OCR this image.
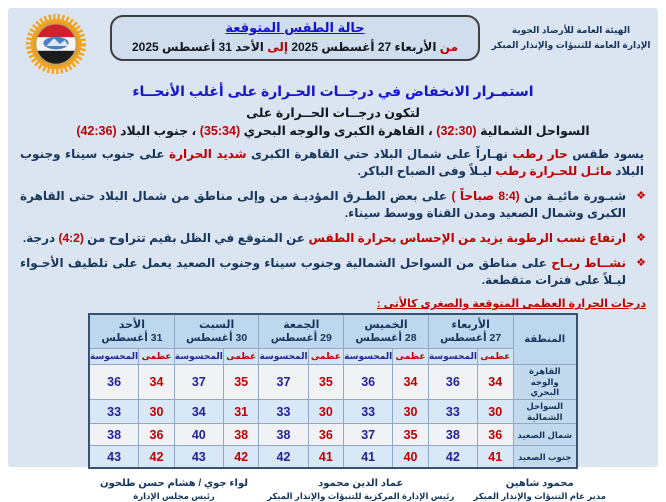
حالة الطقس المتوقعة
من الأربعاء 27 أغسطس 2025 إلى الأحد 31 أغسطس 2025
الهيئة العامة للأرصاد الجوية
الإدارة العامة للتنبؤات والإنذار المبكر
استمـرار الانخفاض في درجــات الحـرارة على أغلب الأنحــاء
لتكون درجــات الحــرارة على
السواحل الشمالية (32:30) ، القاهرة الكبرى والوجه البحري (35:34) ، جنوب البلاد (42:36)
يسود طقس حار رطب نهـاراً على شمال البلاد حتي القاهرة الكبرى شديد الحرارة على جنوب سيناء وجنوب البلاد مائـل للحـرارة رطب ليـلاً وفى الصباح الباكر.
❖
شبـورة مائيـة من (8:4 صباحاً ) على بعض الطـرق المؤديـة من وإلى مناطق من شمال البلاد حتى القاهرة الكبرى وشمال الصعيد ومدن القناة ووسط سيناء.
❖
ارتفاع نسب الرطوبة يزيد من الإحساس بحرارة الطقس عن المتوقع في الظل بقيم تتراوح من (4:2) درجة.
❖
نشــاط ريـاح على مناطق من السواحل الشمالية وجنوب سيناء وجنوب الصعيد يعمل على تلطيف الأجـواء ليـلاً على فترات متقطعة.
درجات الحرارة العظمى المتوقعة والصغرى كالأتى :
المنطقة	
الأربعاء
27 أغسطس

الخميس
28 أغسطس

الجمعة
29 أغسطس

السبت
30 أغسطس

الأحد
31 أغسطس

	عظمى	المحسوسة	عظمى	المحسوسة	عظمى	المحسوسة	عظمى	المحسوسة	عظمى	المحسوسة
القاهرة والوجه البحري	34	36	34	36	35	37	35	37	34	36
السواحل الشمالية	30	33	30	33	30	33	31	34	30	33
شمال الصعيد	36	38	35	37	36	38	38	40	36	38
جنوب الصعيد	41	42	40	41	41	42	42	43	42	43
محمود شاهين
مدير عام التنبؤات والإنذار المبكر
عماد الدين محمود
رئيس الإدارة المركزية للتنبؤات والإنذار المبكر
لواء جوي / هشام حسن طلحون
رئيس مجلس الإدارة
